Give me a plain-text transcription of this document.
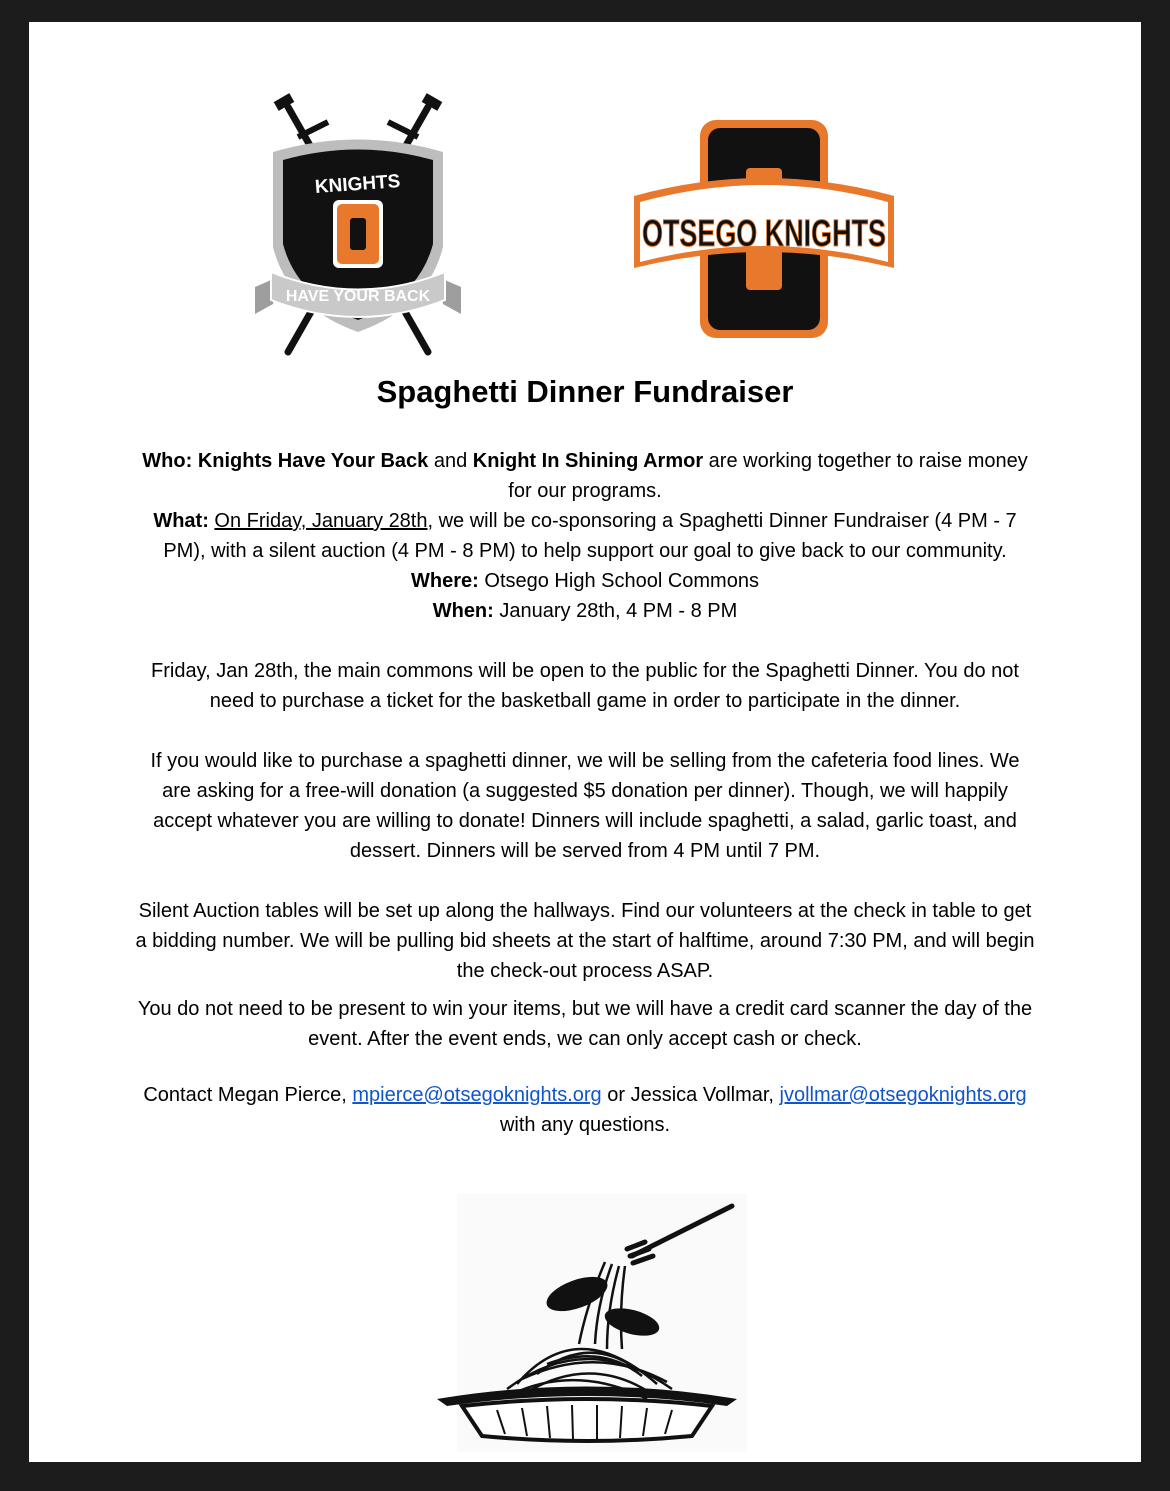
KNIGHTS
HAVE YOUR BACK
OTSEGO KNIGHTS
Spaghetti Dinner Fundraiser

Who: Knights Have Your Back and Knight In Shining Armor are working together to raise money for our programs.

What: On Friday, January 28th, we will be co-sponsoring a Spaghetti Dinner Fundraiser (4 PM - 7 PM), with a silent auction (4 PM - 8 PM) to help support our goal to give back to our community.

Where: Otsego High School Commons

When: January 28th, 4 PM - 8 PM

Friday, Jan 28th, the main commons will be open to the public for the Spaghetti Dinner. You do not need to purchase a ticket for the basketball game in order to participate in the dinner.

If you would like to purchase a spaghetti dinner, we will be selling from the cafeteria food lines. We are asking for a free-will donation (a suggested $5 donation per dinner). Though, we will happily accept whatever you are willing to donate! Dinners will include spaghetti, a salad, garlic toast, and dessert. Dinners will be served from 4 PM until 7 PM.

Silent Auction tables will be set up along the hallways. Find our volunteers at the check in table to get a bidding number. We will be pulling bid sheets at the start of halftime, around 7:30 PM, and will begin the check-out process ASAP.

You do not need to be present to win your items, but we will have a credit card scanner the day of the event. After the event ends, we can only accept cash or check.

Contact Megan Pierce, mpierce@otsegoknights.org or Jessica Vollmar, jvollmar@otsegoknights.org with any questions.
